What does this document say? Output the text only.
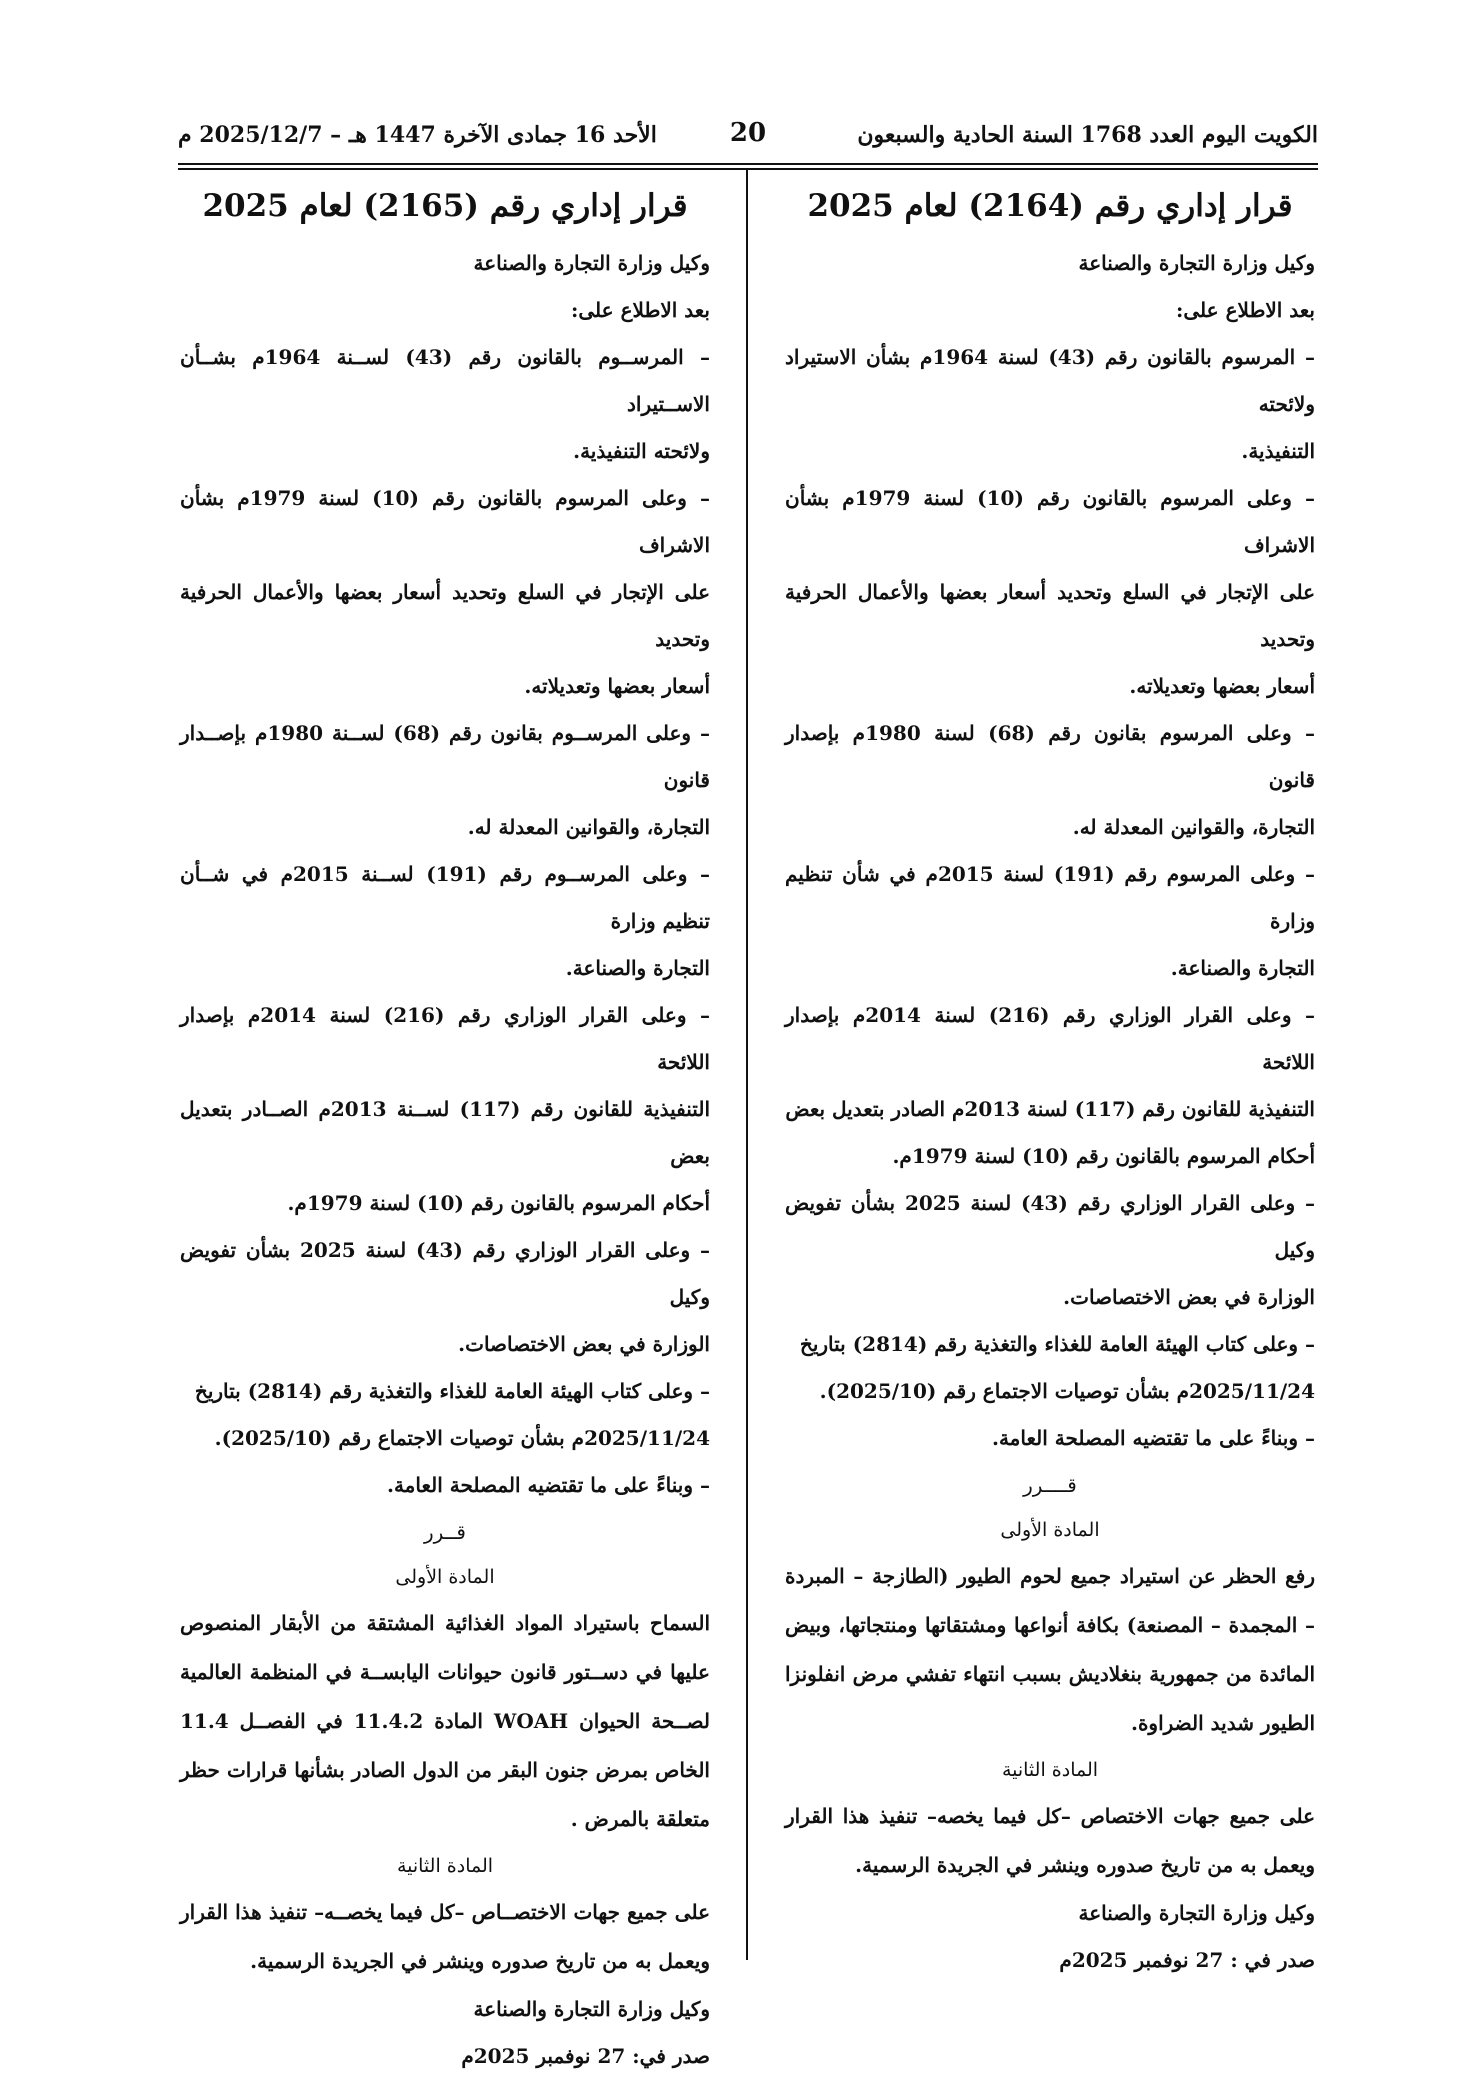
الكويت اليوم العدد 1768 السنة الحادية والسبعون
20
الأحد 16 جمادى الآخرة 1447 هـ – 2025/12/7 م
قرار إداري رقم (2164) لعام 2025

وكيل وزارة التجارة والصناعة

بعد الاطلاع على:

– المرسوم بالقانون رقم (43) لسنة 1964م بشأن الاستيراد ولائحته

التنفيذية.

– وعلى المرسوم بالقانون رقم (10) لسنة 1979م بشأن الاشراف

على الإتجار في السلع وتحديد أسعار بعضها والأعمال الحرفية وتحديد

أسعار بعضها وتعديلاته.

– وعلى المرسوم بقانون رقم (68) لسنة 1980م بإصدار قانون

التجارة، والقوانين المعدلة له.

– وعلى المرسوم رقم (191) لسنة 2015م في شأن تنظيم وزارة

التجارة والصناعة.

– وعلى القرار الوزاري رقم (216) لسنة 2014م بإصدار اللائحة

التنفيذية للقانون رقم (117) لسنة 2013م الصادر بتعديل بعض

أحكام المرسوم بالقانون رقم (10) لسنة 1979م.

– وعلى القرار الوزاري رقم (43) لسنة 2025 بشأن تفويض وكيل

الوزارة في بعض الاختصاصات.

– وعلى كتاب الهيئة العامة للغذاء والتغذية رقم (2814) بتاريخ

2025/11/24م بشأن توصيات الاجتماع رقم (2025/10).

– وبناءً على ما تقتضيه المصلحة العامة.

قــــرر
المادة الأولى
رفع الحظر عن استيراد جميع لحوم الطيور (الطازجة – المبردة – المجمدة – المصنعة) بكافة أنواعها ومشتقاتها ومنتجاتها، وبيض المائدة من جمهورية بنغلاديش بسبب انتهاء تفشي مرض انفلونزا الطيور شديد الضراوة.
المادة الثانية
على جميع جهات الاختصاص –كل فيما يخصه– تنفيذ هذا القرار ويعمل به من تاريخ صدوره وينشر في الجريدة الرسمية.

وكيل وزارة التجارة والصناعة

صدر في : 27 نوفمبر 2025م

قرار إداري رقم (2165) لعام 2025

وكيل وزارة التجارة والصناعة

بعد الاطلاع على:

– المرســوم بالقانون رقم (43) لســنة 1964م بشــأن الاســتيراد

ولائحته التنفيذية.

– وعلى المرسوم بالقانون رقم (10) لسنة 1979م بشأن الاشراف

على الإتجار في السلع وتحديد أسعار بعضها والأعمال الحرفية وتحديد

أسعار بعضها وتعديلاته.

– وعلى المرســوم بقانون رقم (68) لســنة 1980م بإصــدار قانون

التجارة، والقوانين المعدلة له.

– وعلى المرســوم رقم (191) لســنة 2015م في شــأن تنظيم وزارة

التجارة والصناعة.

– وعلى القرار الوزاري رقم (216) لسنة 2014م بإصدار اللائحة

التنفيذية للقانون رقم (117) لســنة 2013م الصــادر بتعديل بعض

أحكام المرسوم بالقانون رقم (10) لسنة 1979م.

– وعلى القرار الوزاري رقم (43) لسنة 2025 بشأن تفويض وكيل

الوزارة في بعض الاختصاصات.

– وعلى كتاب الهيئة العامة للغذاء والتغذية رقم (2814) بتاريخ

2025/11/24م بشأن توصيات الاجتماع رقم (2025/10).

– وبناءً على ما تقتضيه المصلحة العامة.

قــرر
المادة الأولى
السماح باستيراد المواد الغذائية المشتقة من الأبقار المنصوص عليها في دســتور قانون حيوانات اليابســة في المنظمة العالمية لصــحة الحيوان WOAH المادة 11.4.2 في الفصــل 11.4 الخاص بمرض جنون البقر من الدول الصادر بشأنها قرارات حظر متعلقة بالمرض .
المادة الثانية
على جميع جهات الاختصــاص –كل فيما يخصــه– تنفيذ هذا القرار ويعمل به من تاريخ صدوره وينشر في الجريدة الرسمية.

وكيل وزارة التجارة والصناعة

صدر في: 27 نوفمبر 2025م
